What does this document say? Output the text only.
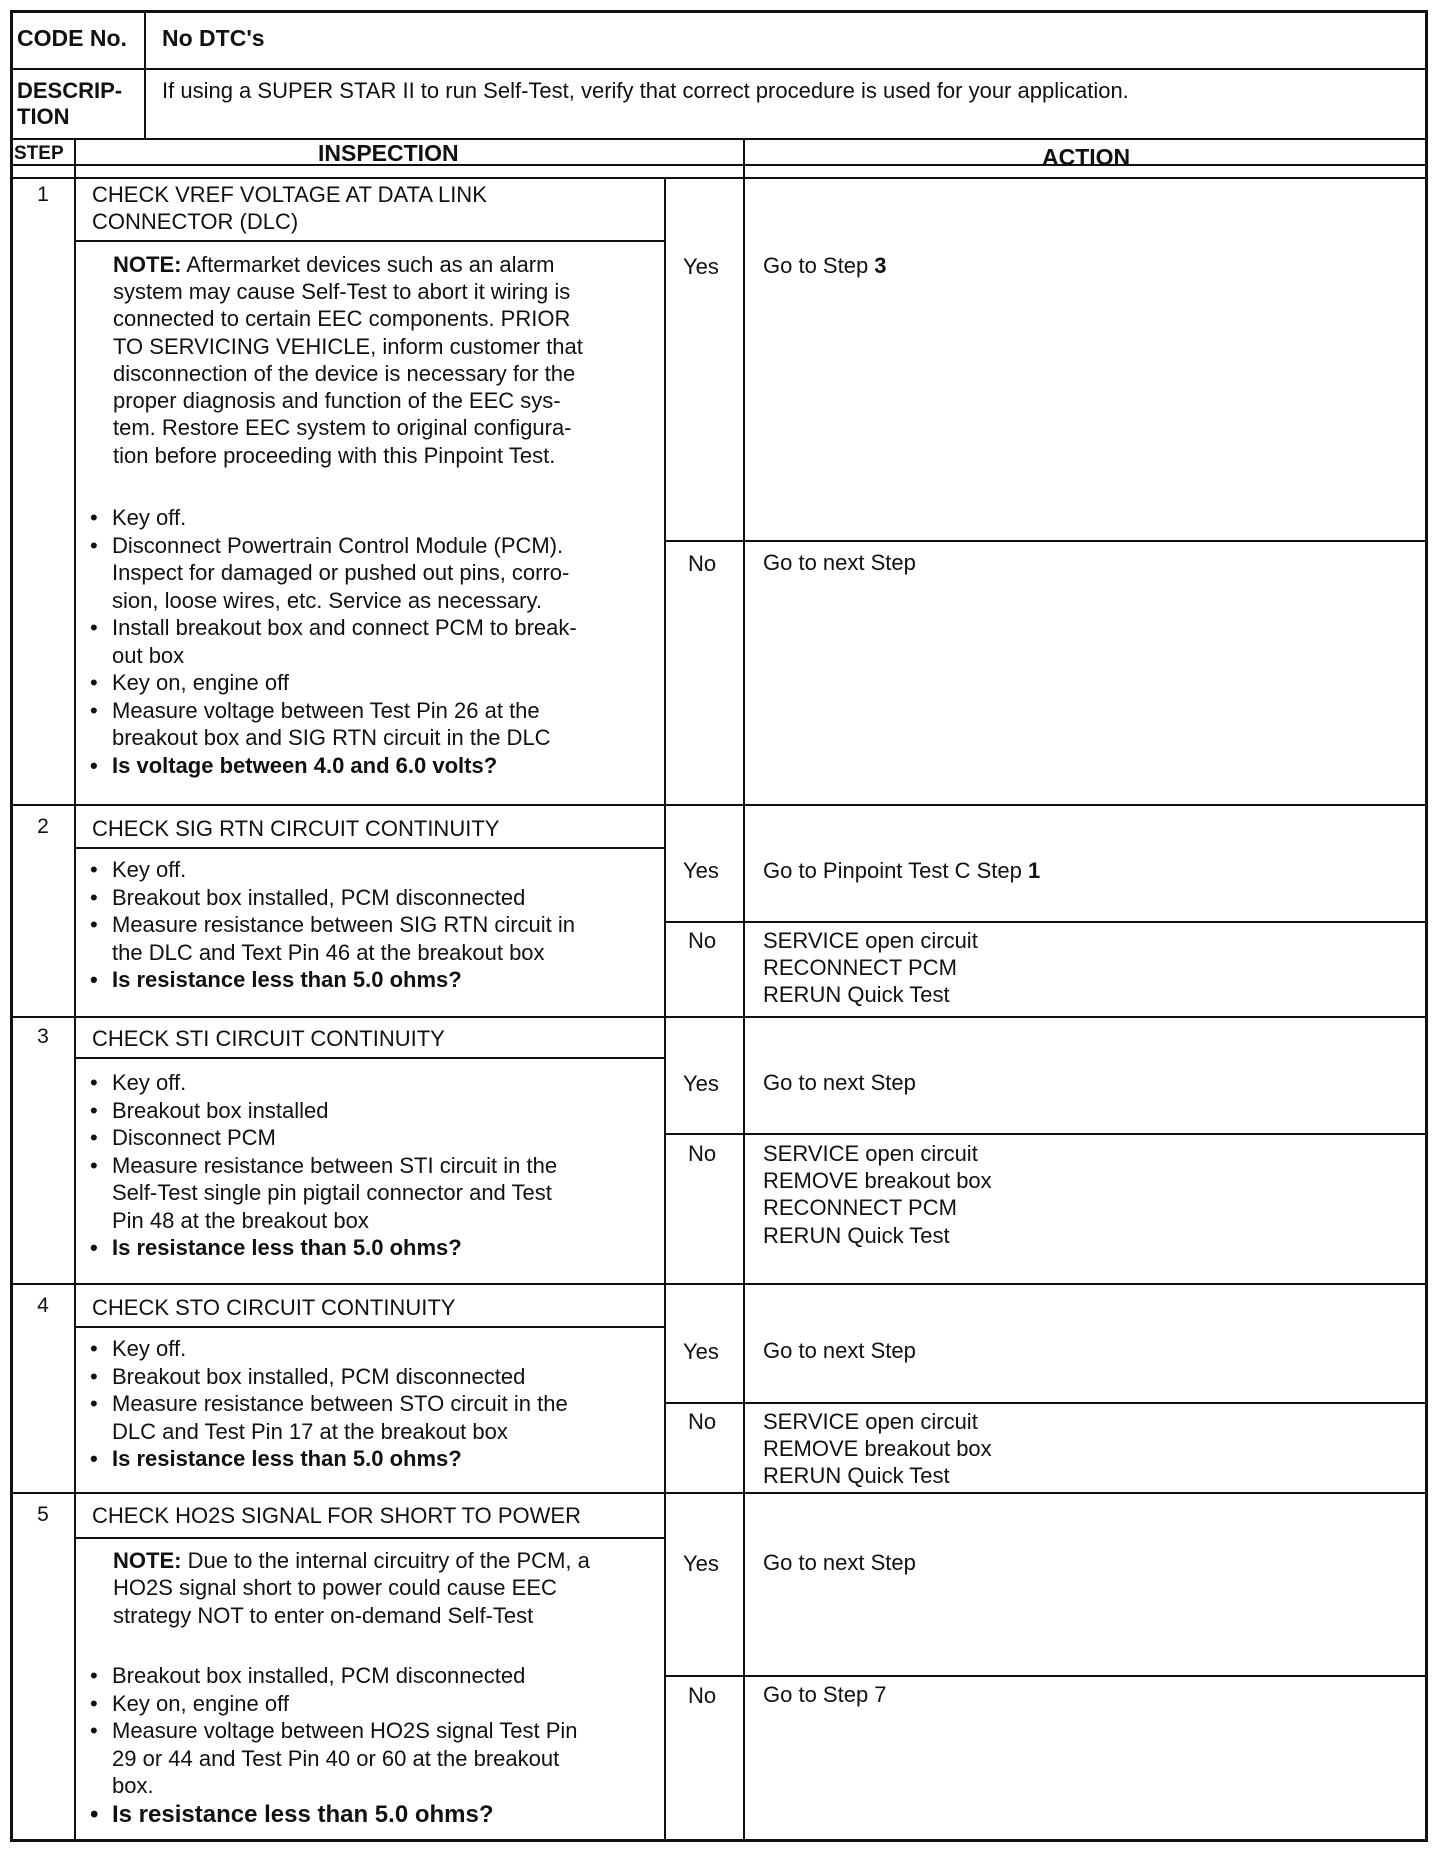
CODE No. No DTC's
DESCRIP-
TION
If using a SUPER STAR II to run Self-Test, verify that correct procedure is used for your application.
STEP	INSPECTION	ACTION
1	CHECK VREF VOLTAGE AT DATA LINK
CONNECTOR (DLC)
NOTE: Aftermarket devices such as an alarm
system may cause Self-Test to abort it wiring is
connected to certain EEC components. PRIOR
TO SERVICING VEHICLE, inform customer that
disconnection of the device is necessary for the
proper diagnosis and function of the EEC sys-
tem. Restore EEC system to original configura-
tion before proceeding with this Pinpoint Test.
• Key off.
• Disconnect Powertrain Control Module (PCM).
Inspect for damaged or pushed out pins, corro-
sion, loose wires, etc. Service as necessary.
• Install breakout box and connect PCM to break-
out box
• Key on, engine off
• Measure voltage between Test Pin 26 at the
breakout box and SIG RTN circuit in the DLC
• Is voltage between 4.0 and 6.0 volts?
Yes Go to Step 3
No Go to next Step
2	CHECK SIG RTN CIRCUIT CONTINUITY
• Key off.
• Breakout box installed, PCM disconnected
• Measure resistance between SIG RTN circuit in
the DLC and Text Pin 46 at the breakout box
• Is resistance less than 5.0 ohms?
Yes Go to Pinpoint Test C Step 1
No SERVICE open circuit
RECONNECT PCM
RERUN Quick Test
3	CHECK STI CIRCUIT CONTINUITY
• Key off.
• Breakout box installed
• Disconnect PCM
• Measure resistance between STI circuit in the
Self-Test single pin pigtail connector and Test
Pin 48 at the breakout box
• Is resistance less than 5.0 ohms?
Yes Go to next Step
No SERVICE open circuit
REMOVE breakout box
RECONNECT PCM
RERUN Quick Test
4	CHECK STO CIRCUIT CONTINUITY
• Key off.
• Breakout box installed, PCM disconnected
• Measure resistance between STO circuit in the
DLC and Test Pin 17 at the breakout box
• Is resistance less than 5.0 ohms?
Yes Go to next Step
No SERVICE open circuit
REMOVE breakout box
RERUN Quick Test
5	CHECK HO2S SIGNAL FOR SHORT TO POWER
NOTE: Due to the internal circuitry of the PCM, a
HO2S signal short to power could cause EEC
strategy NOT to enter on-demand Self-Test
• Breakout box installed, PCM disconnected
• Key on, engine off
• Measure voltage between HO2S signal Test Pin
29 or 44 and Test Pin 40 or 60 at the breakout
box.
• Is resistance less than 5.0 ohms?
Yes Go to next Step
No Go to Step 7
